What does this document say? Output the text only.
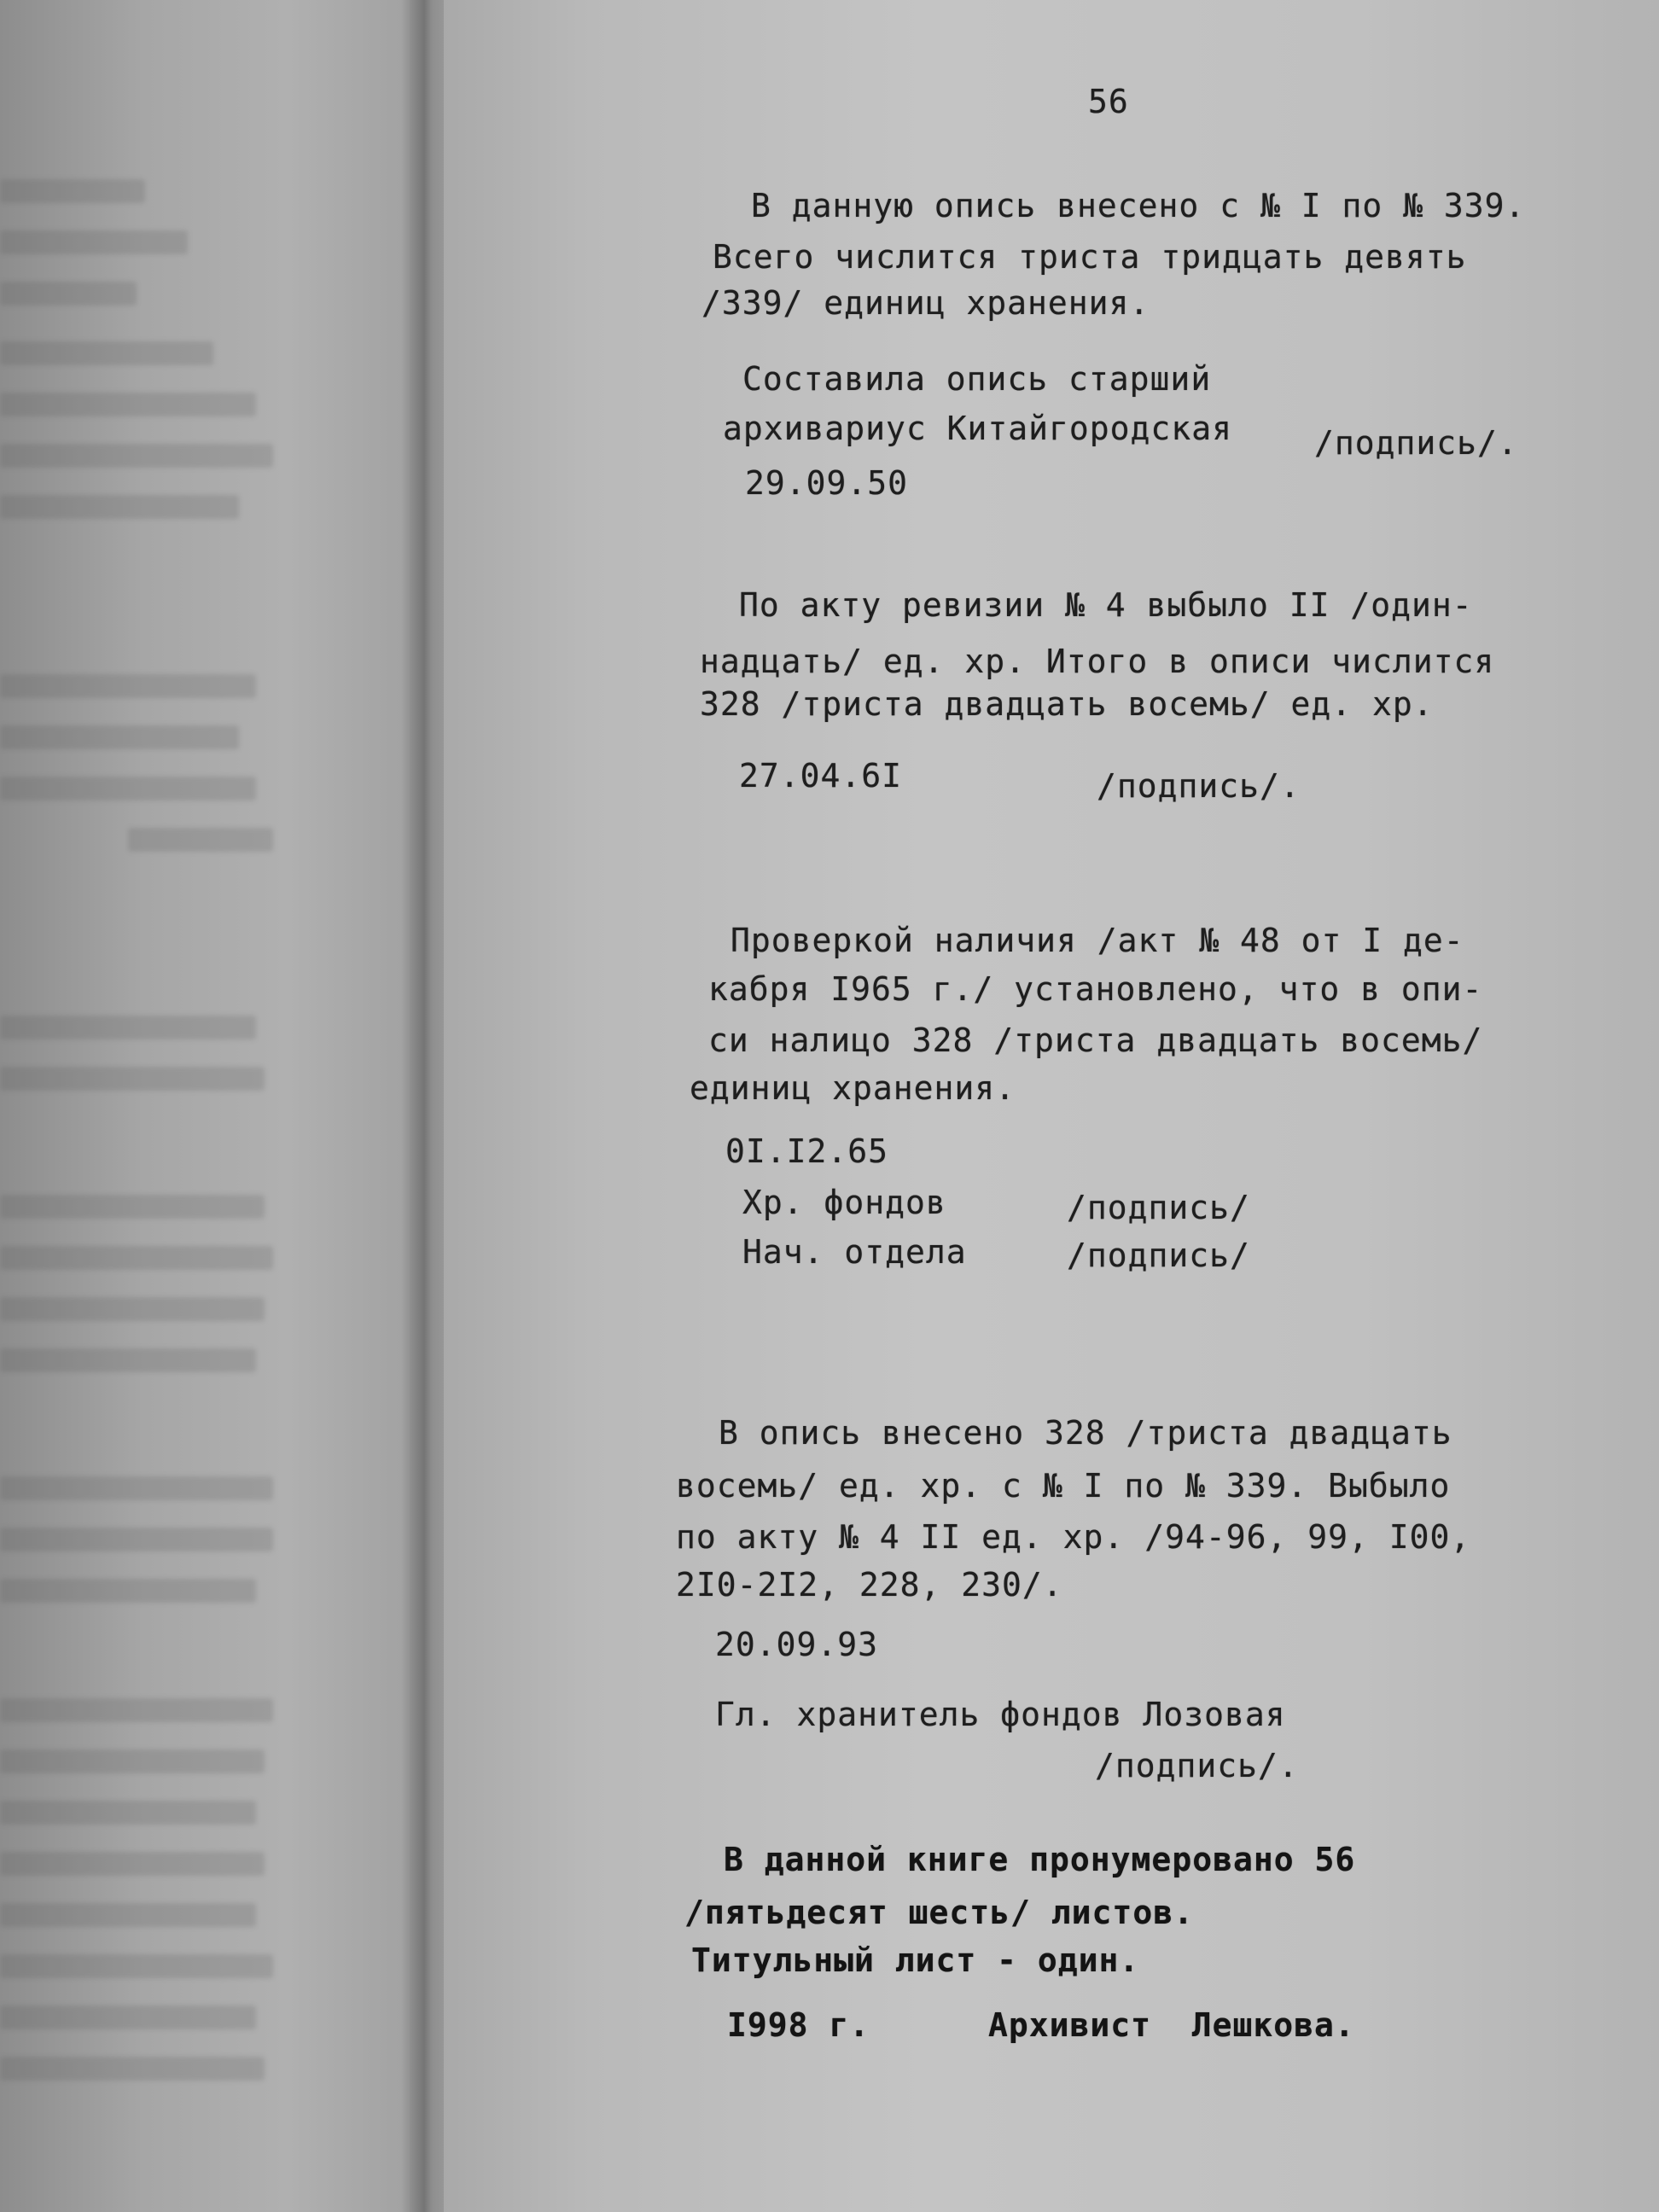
56
В данную опись внесено с № I по № 339.
Всего числится триста тридцать девять
/339/ единиц хранения.
Составила опись старший
архивариус Китайгородская	/подпись/.
29.09.50
По акту ревизии № 4 выбыло II /один-
надцать/ ед. хр. Итого в описи числится
328 /триста двадцать восемь/ ед. хр.
27.04.6I	/подпись/.
Проверкой наличия /акт № 48 от I де-
кабря I965 г./ установлено, что в опи-
си налицо 328 /триста двадцать восемь/
единиц хранения.
0I.I2.65
Хр. фондов	/подпись/
Нач. отдела	/подпись/
В опись внесено 328 /триста двадцать
восемь/ ед. хр. с № I по № 339. Выбыло
по акту № 4 II ед. хр. /94-96, 99, I00,
2I0-2I2, 228, 230/.
20.09.93
Гл. хранитель фондов Лозовая
/подпись/.
В данной книге пронумеровано 56
/пятьдесят шесть/ листов.
Титульный лист - один.
I998 г.	Архивист  Лешкова.
